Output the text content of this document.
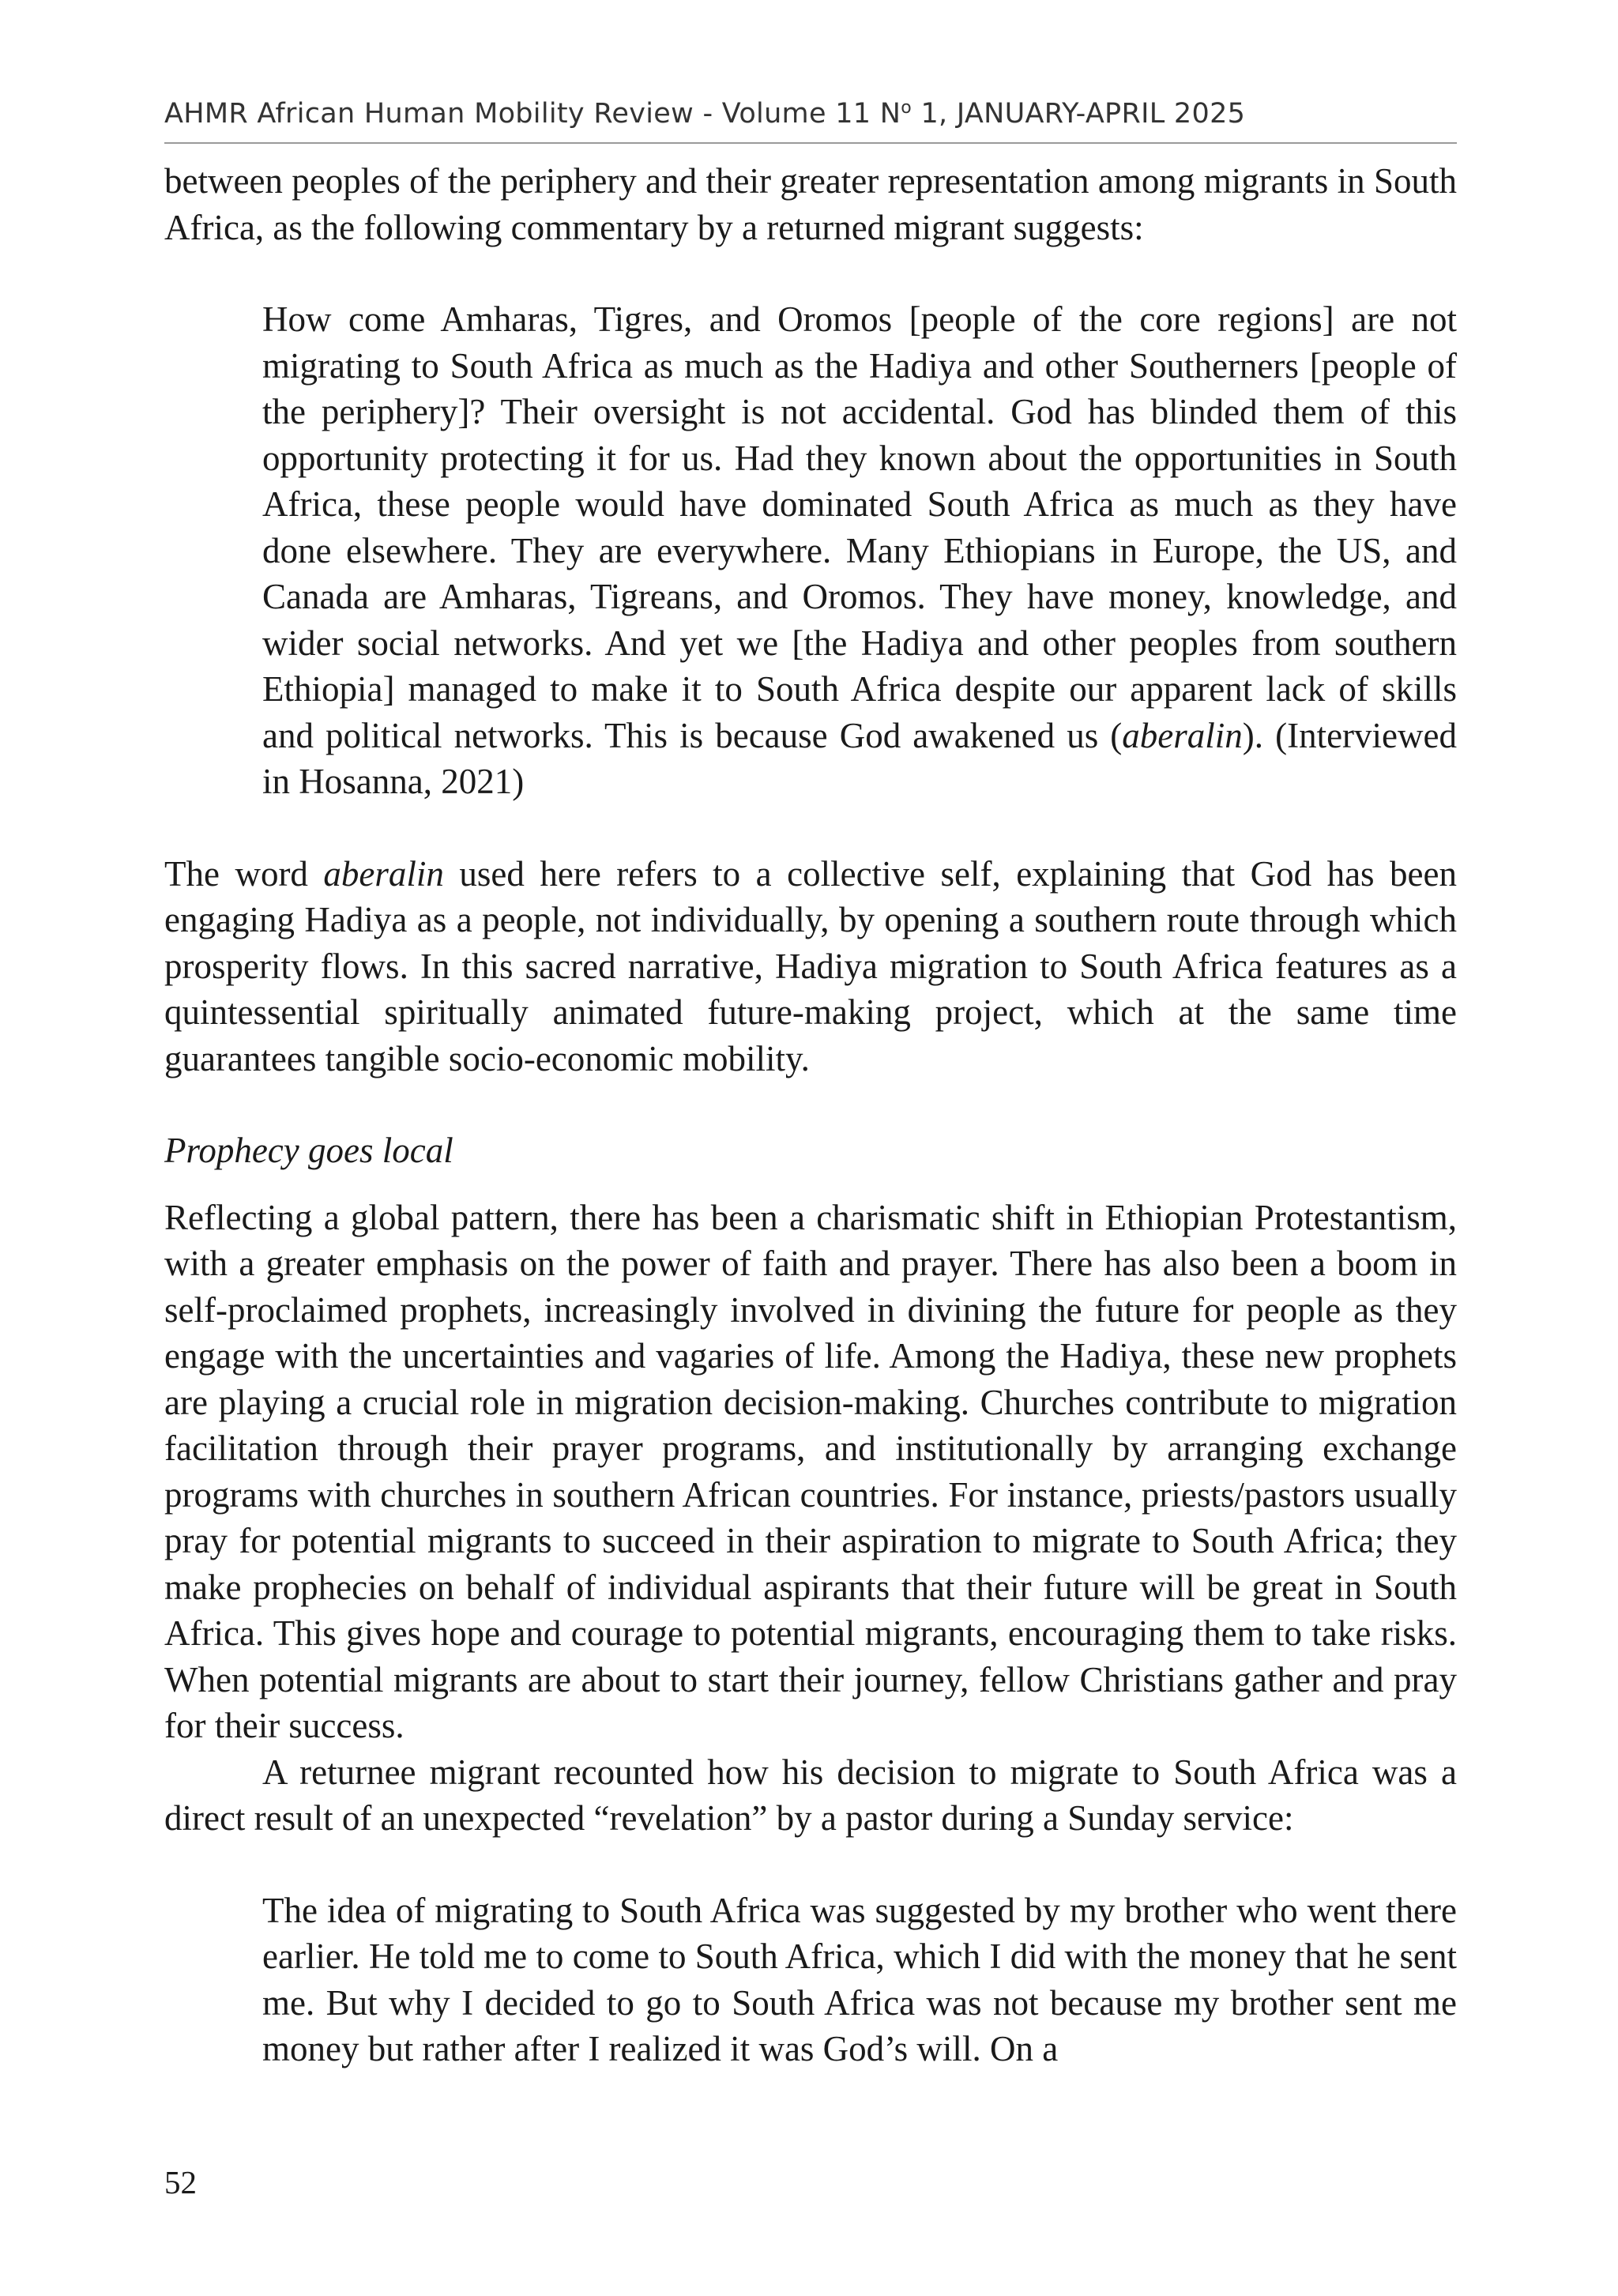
AHMR African Human Mobility Review - Volume 11 $N^o$ 1, JANUARY-APRIL 2025

between peoples of the periphery and their greater representation among migrants in South Africa, as the following commentary by a returned migrant suggests:

How come Amharas, Tigres, and Oromos [people of the core regions] are not migrating to South Africa as much as the Hadiya and other Southerners [people of the periphery]? Their oversight is not accidental. God has blinded them of this opportunity protecting it for us. Had they known about the opportunities in South Africa, these people would have dominated South Africa as much as they have done elsewhere. They are everywhere. Many Ethiopians in Europe, the US, and Canada are Amharas, Tigreans, and Oromos. They have money, knowledge, and wider social networks. And yet we [the Hadiya and other peoples from southern Ethiopia] managed to make it to South Africa despite our apparent lack of skills and political networks. This is because God awakened us (aberalin). (Interviewed in Hosanna, 2021)

The word aberalin used here refers to a collective self, explaining that God has been engaging Hadiya as a people, not individually, by opening a southern route through which prosperity flows. In this sacred narrative, Hadiya migration to South Africa features as a quintessential spiritually animated future-making project, which at the same time guarantees tangible socio-economic mobility.

Prophecy goes local

Reflecting a global pattern, there has been a charismatic shift in Ethiopian Protestantism, with a greater emphasis on the power of faith and prayer. There has also been a boom in self-proclaimed prophets, increasingly involved in divining the future for people as they engage with the uncertainties and vagaries of life. Among the Hadiya, these new prophets are playing a crucial role in migration decision-making. Churches contribute to migration facilitation through their prayer programs, and institutionally by arranging exchange programs with churches in southern African countries. For instance, priests/pastors usually pray for potential migrants to succeed in their aspiration to migrate to South Africa; they make prophecies on behalf of individual aspirants that their future will be great in South Africa. This gives hope and courage to potential migrants, encouraging them to take risks. When potential migrants are about to start their journey, fellow Christians gather and pray for their success.

A returnee migrant recounted how his decision to migrate to South Africa was a direct result of an unexpected “revelation” by a pastor during a Sunday service:

The idea of migrating to South Africa was suggested by my brother who went there earlier. He told me to come to South Africa, which I did with the money that he sent me. But why I decided to go to South Africa was not because my brother sent me money but rather after I realized it was God’s will. On a

52
